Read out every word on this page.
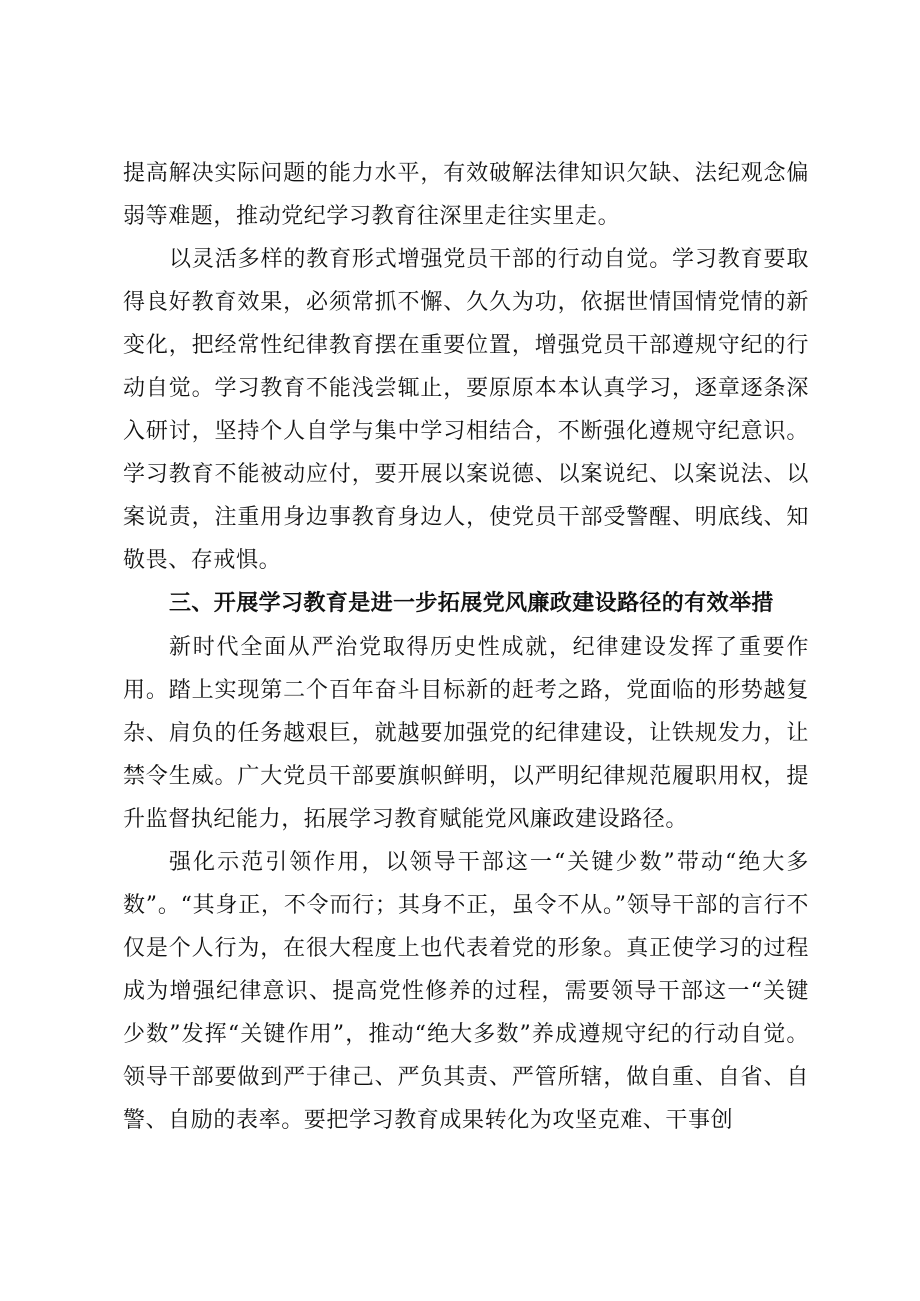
提高解决实际问题的能力水平，有效破解法律知识欠缺、法纪观念偏弱等难题，推动党纪学习教育往深里走往实里走。

以灵活多样的教育形式增强党员干部的行动自觉。学习教育要取得良好教育效果，必须常抓不懈、久久为功，依据世情国情党情的新变化，把经常性纪律教育摆在重要位置，增强党员干部遵规守纪的行动自觉。学习教育不能浅尝辄止，要原原本本认真学习，逐章逐条深入研讨，坚持个人自学与集中学习相结合，不断强化遵规守纪意识。学习教育不能被动应付，要开展以案说德、以案说纪、以案说法、以案说责，注重用身边事教育身边人，使党员干部受警醒、明底线、知敬畏、存戒惧。

三、开展学习教育是进一步拓展党风廉政建设路径的有效举措

新时代全面从严治党取得历史性成就，纪律建设发挥了重要作用。踏上实现第二个百年奋斗目标新的赶考之路，党面临的形势越复杂、肩负的任务越艰巨，就越要加强党的纪律建设，让铁规发力，让禁令生威。广大党员干部要旗帜鲜明，以严明纪律规范履职用权，提升监督执纪能力，拓展学习教育赋能党风廉政建设路径。

强化示范引领作用，以领导干部这一“关键少数”带动“绝大多数”。“其身正，不令而行；其身不正，虽令不从。”领导干部的言行不仅是个人行为，在很大程度上也代表着党的形象。真正使学习的过程成为增强纪律意识、提高党性修养的过程，需要领导干部这一“关键少数”发挥“关键作用”，推动“绝大多数”养成遵规守纪的行动自觉。领导干部要做到严于律己、严负其责、严管所辖，做自重、自省、自警、自励的表率。要把学习教育成果转化为攻坚克难、干事创
